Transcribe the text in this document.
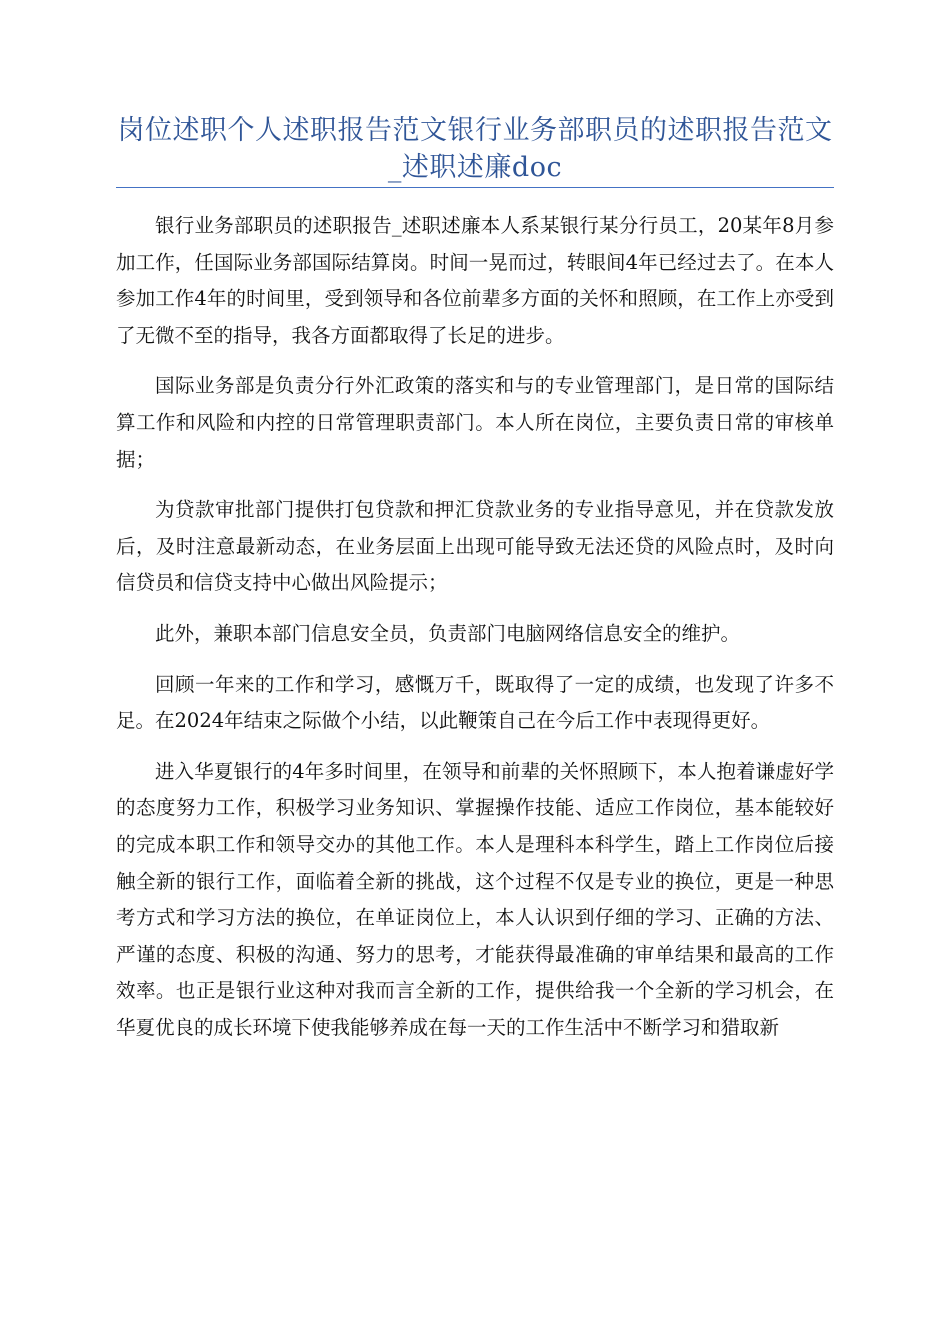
岗位述职个人述职报告范文银行业务部职员的述职报告范文_述职述廉doc

银行业务部职员的述职报告_述职述廉本人系某银行某分行员工，20某年8月参加工作，任国际业务部国际结算岗。时间一晃而过，转眼间4年已经过去了。在本人参加工作4年的时间里，受到领导和各位前辈多方面的关怀和照顾，在工作上亦受到了无微不至的指导，我各方面都取得了长足的进步。

国际业务部是负责分行外汇政策的落实和与的专业管理部门，是日常的国际结算工作和风险和内控的日常管理职责部门。本人所在岗位，主要负责日常的审核单据；

为贷款审批部门提供打包贷款和押汇贷款业务的专业指导意见，并在贷款发放后，及时注意最新动态，在业务层面上出现可能导致无法还贷的风险点时，及时向信贷员和信贷支持中心做出风险提示；

此外，兼职本部门信息安全员，负责部门电脑网络信息安全的维护。

回顾一年来的工作和学习，感慨万千，既取得了一定的成绩，也发现了许多不足。在2024年结束之际做个小结，以此鞭策自己在今后工作中表现得更好。

进入华夏银行的4年多时间里，在领导和前辈的关怀照顾下，本人抱着谦虚好学的态度努力工作，积极学习业务知识、掌握操作技能、适应工作岗位，基本能较好的完成本职工作和领导交办的其他工作。本人是理科本科学生，踏上工作岗位后接触全新的银行工作，面临着全新的挑战，这个过程不仅是专业的换位，更是一种思考方式和学习方法的换位，在单证岗位上，本人认识到仔细的学习、正确的方法、严谨的态度、积极的沟通、努力的思考，才能获得最准确的审单结果和最高的工作效率。也正是银行业这种对我而言全新的工作，提供给我一个全新的学习机会，在华夏优良的成长环境下使我能够养成在每一天的工作生活中不断学习和猎取新
